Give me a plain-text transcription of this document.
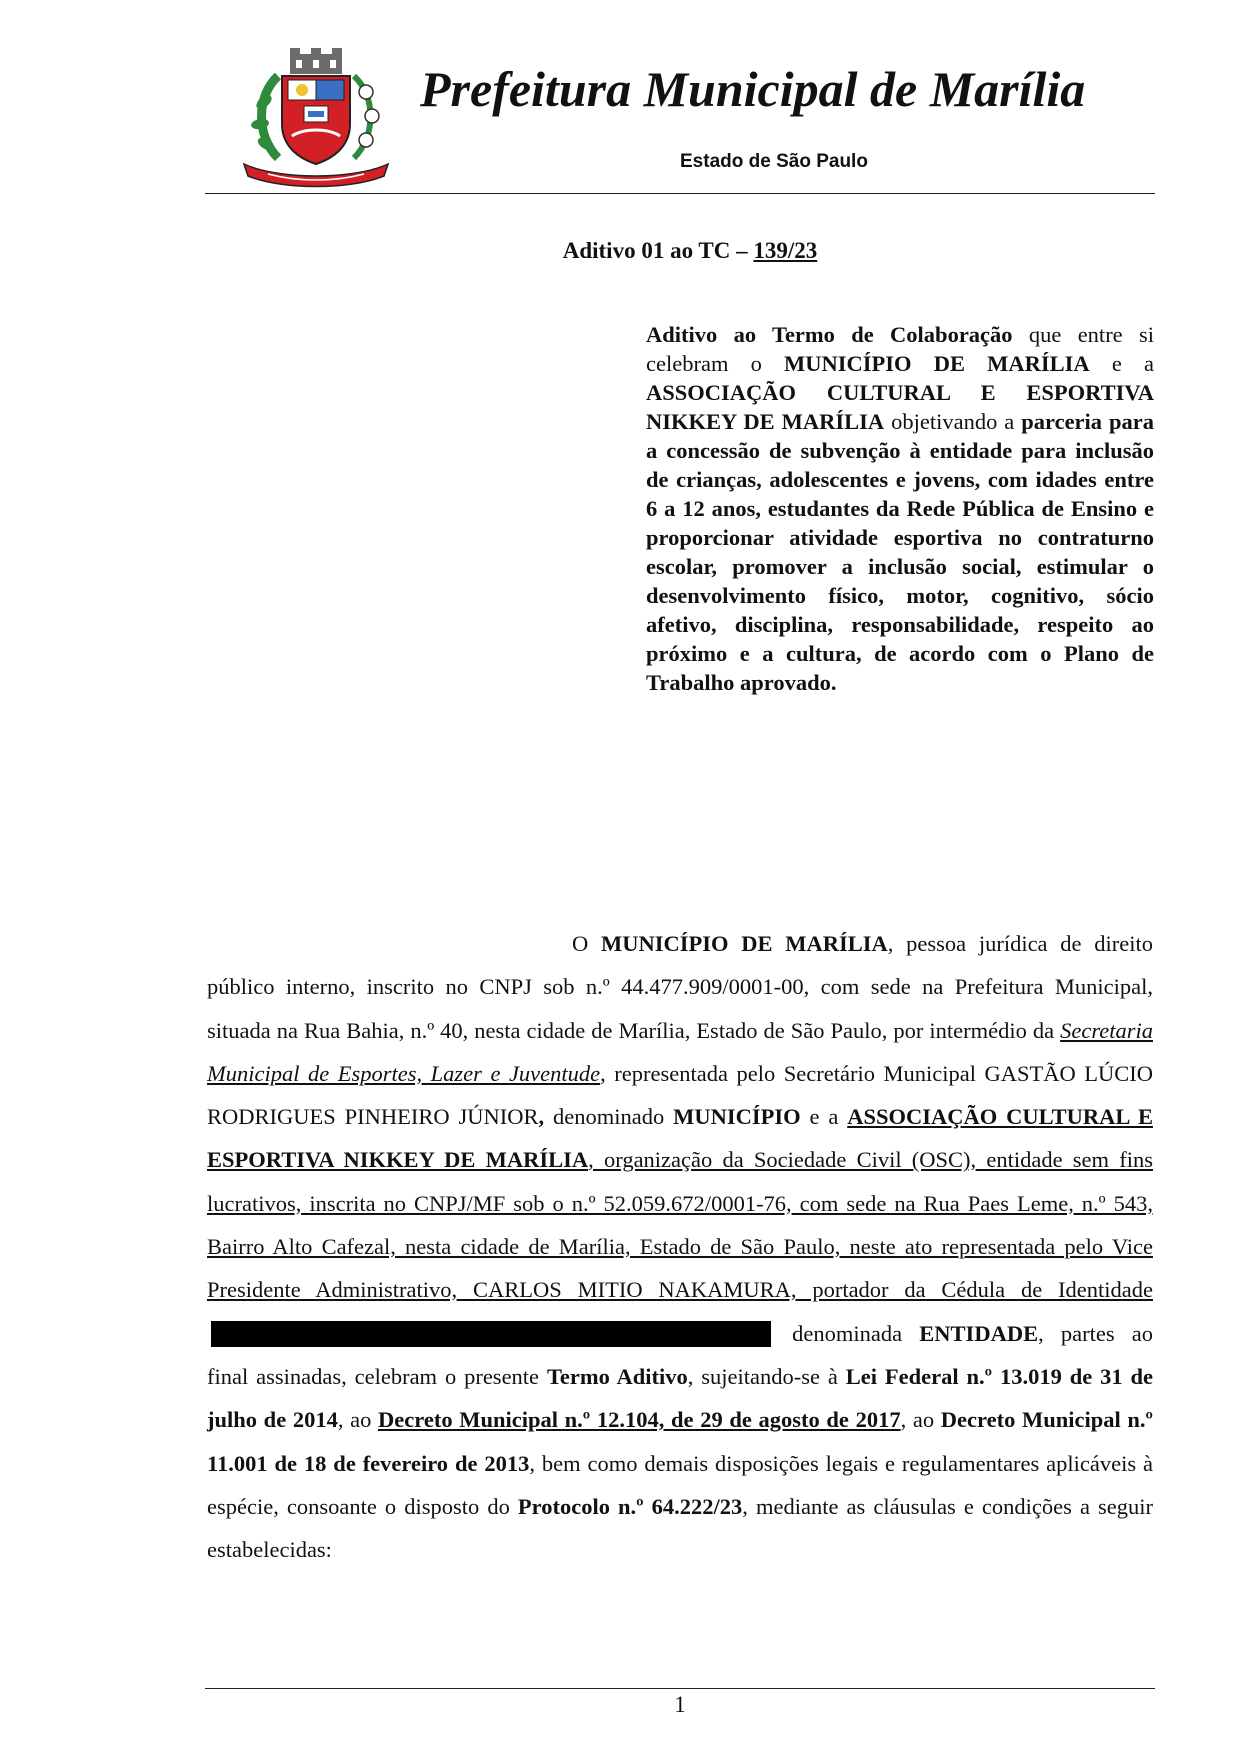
Prefeitura Municipal de Marília
Estado de São Paulo
Aditivo 01 ao TC – 139/23
Aditivo ao Termo de Colaboração que entre si celebram o MUNICÍPIO DE MARÍLIA e a ASSOCIAÇÃO CULTURAL E ESPORTIVA NIKKEY DE MARÍLIA objetivando a parceria para a concessão de subvenção à entidade para inclusão de crianças, adolescentes e jovens, com idades entre 6 a 12 anos, estudantes da Rede Pública de Ensino e proporcionar atividade esportiva no contraturno escolar, promover a inclusão social, estimular o desenvolvimento físico, motor, cognitivo, sócio afetivo, disciplina, responsabilidade, respeito ao próximo e a cultura, de acordo com o Plano de Trabalho aprovado.
O MUNICÍPIO DE MARÍLIA, pessoa jurídica de direito público interno, inscrito no CNPJ sob n.º 44.477.909/0001-00, com sede na Prefeitura Municipal, situada na Rua Bahia, n.º 40, nesta cidade de Marília, Estado de São Paulo, por intermédio da Secretaria Municipal de Esportes, Lazer e Juventude, representada pelo Secretário Municipal GASTÃO LÚCIO RODRIGUES PINHEIRO JÚNIOR, denominado MUNICÍPIO e a ASSOCIAÇÃO CULTURAL E ESPORTIVA NIKKEY DE MARÍLIA, organização da Sociedade Civil (OSC), entidade sem fins lucrativos, inscrita no CNPJ/MF sob o n.º 52.059.672/0001-76, com sede na Rua Paes Leme, n.º 543, Bairro Alto Cafezal, nesta cidade de Marília, Estado de São Paulo, neste ato representada pelo Vice Presidente Administrativo, CARLOS MITIO NAKAMURA, portador da Cédula de Identidade denominada ENTIDADE, partes ao final assinadas, celebram o presente Termo Aditivo, sujeitando-se à Lei Federal n.º 13.019 de 31 de julho de 2014, ao Decreto Municipal n.º 12.104, de 29 de agosto de 2017, ao Decreto Municipal n.º 11.001 de 18 de fevereiro de 2013, bem como demais disposições legais e regulamentares aplicáveis à espécie, consoante o disposto do Protocolo n.º 64.222/23, mediante as cláusulas e condições a seguir estabelecidas:
1
